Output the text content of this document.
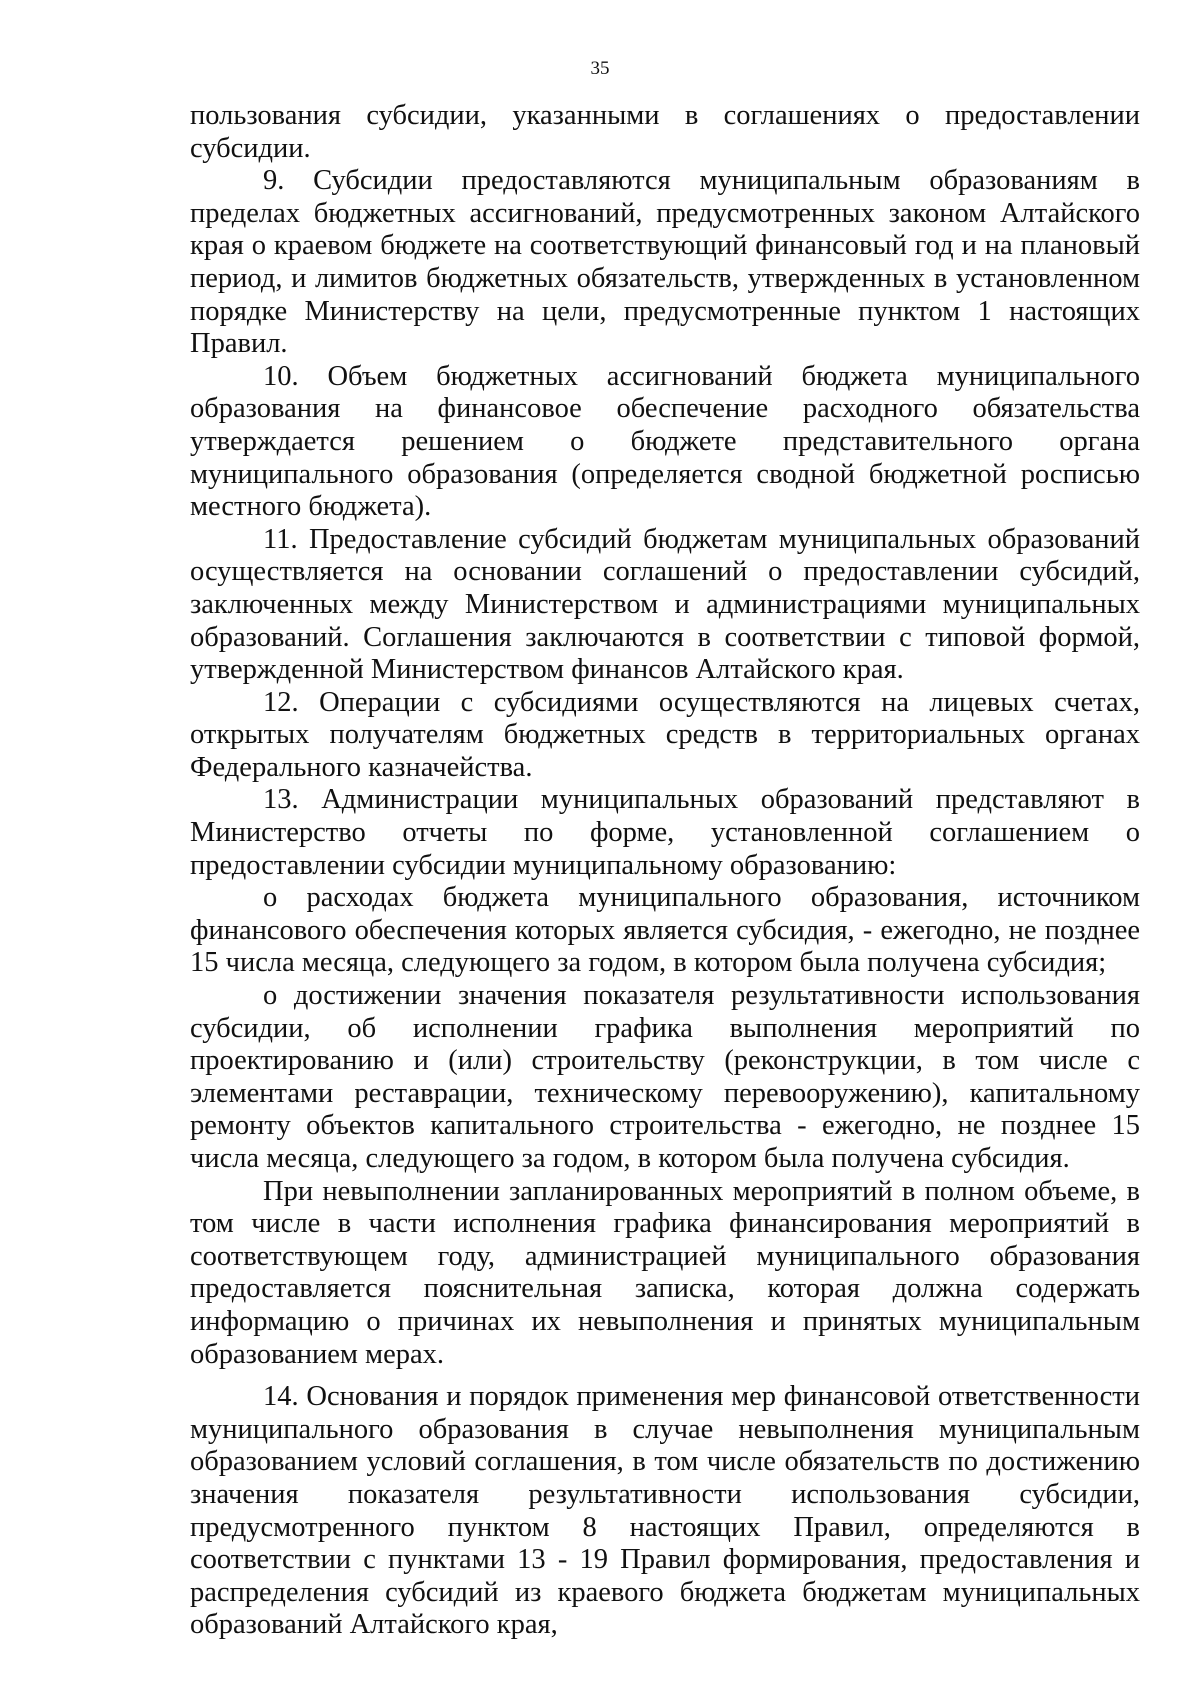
35

пользования субсидии, указанными в соглашениях о предоставлении субсидии.

9. Субсидии предоставляются муниципальным образованиям в пределах бюджетных ассигнований, предусмотренных законом Алтайского края о краевом бюджете на соответствующий финансовый год и на плановый период, и лимитов бюджетных обязательств, утвержденных в установленном порядке Министерству на цели, предусмотренные пунктом 1 настоящих Правил.

10. Объем бюджетных ассигнований бюджета муниципального образования на финансовое обеспечение расходного обязательства утверждается решением о бюджете представительного органа муниципального образования (определяется сводной бюджетной росписью местного бюджета).

11. Предоставление субсидий бюджетам муниципальных образований осуществляется на основании соглашений о предоставлении субсидий, заключенных между Министерством и администрациями муниципальных образований. Соглашения заключаются в соответствии с типовой формой, утвержденной Министерством финансов Алтайского края.

12. Операции с субсидиями осуществляются на лицевых счетах, открытых получателям бюджетных средств в территориальных органах Федерального казначейства.

13. Администрации муниципальных образований представляют в Министерство отчеты по форме, установленной соглашением о предоставлении субсидии муниципальному образованию:

о расходах бюджета муниципального образования, источником финансового обеспечения которых является субсидия, - ежегодно, не позднее 15 числа месяца, следующего за годом, в котором была получена субсидия;

о достижении значения показателя результативности использования субсидии, об исполнении графика выполнения мероприятий по проектированию и (или) строительству (реконструкции, в том числе с элементами реставрации, техническому перевооружению), капитальному ремонту объектов капитального строительства - ежегодно, не позднее 15 числа месяца, следующего за годом, в котором была получена субсидия.

При невыполнении запланированных мероприятий в полном объеме, в том числе в части исполнения графика финансирования мероприятий в соответствующем году, администрацией муниципального образования предоставляется пояснительная записка, которая должна содержать информацию о причинах их невыполнения и принятых муниципальным образованием мерах.

14. Основания и порядок применения мер финансовой ответственности муниципального образования в случае невыполнения муниципальным образованием условий соглашения, в том числе обязательств по достижению значения показателя результативности использования субсидии, предусмотренного пунктом 8 настоящих Правил, определяются в соответствии с пунктами 13 - 19 Правил формирования, предоставления и распределения субсидий из краевого бюджета бюджетам муниципальных образований Алтайского края,
